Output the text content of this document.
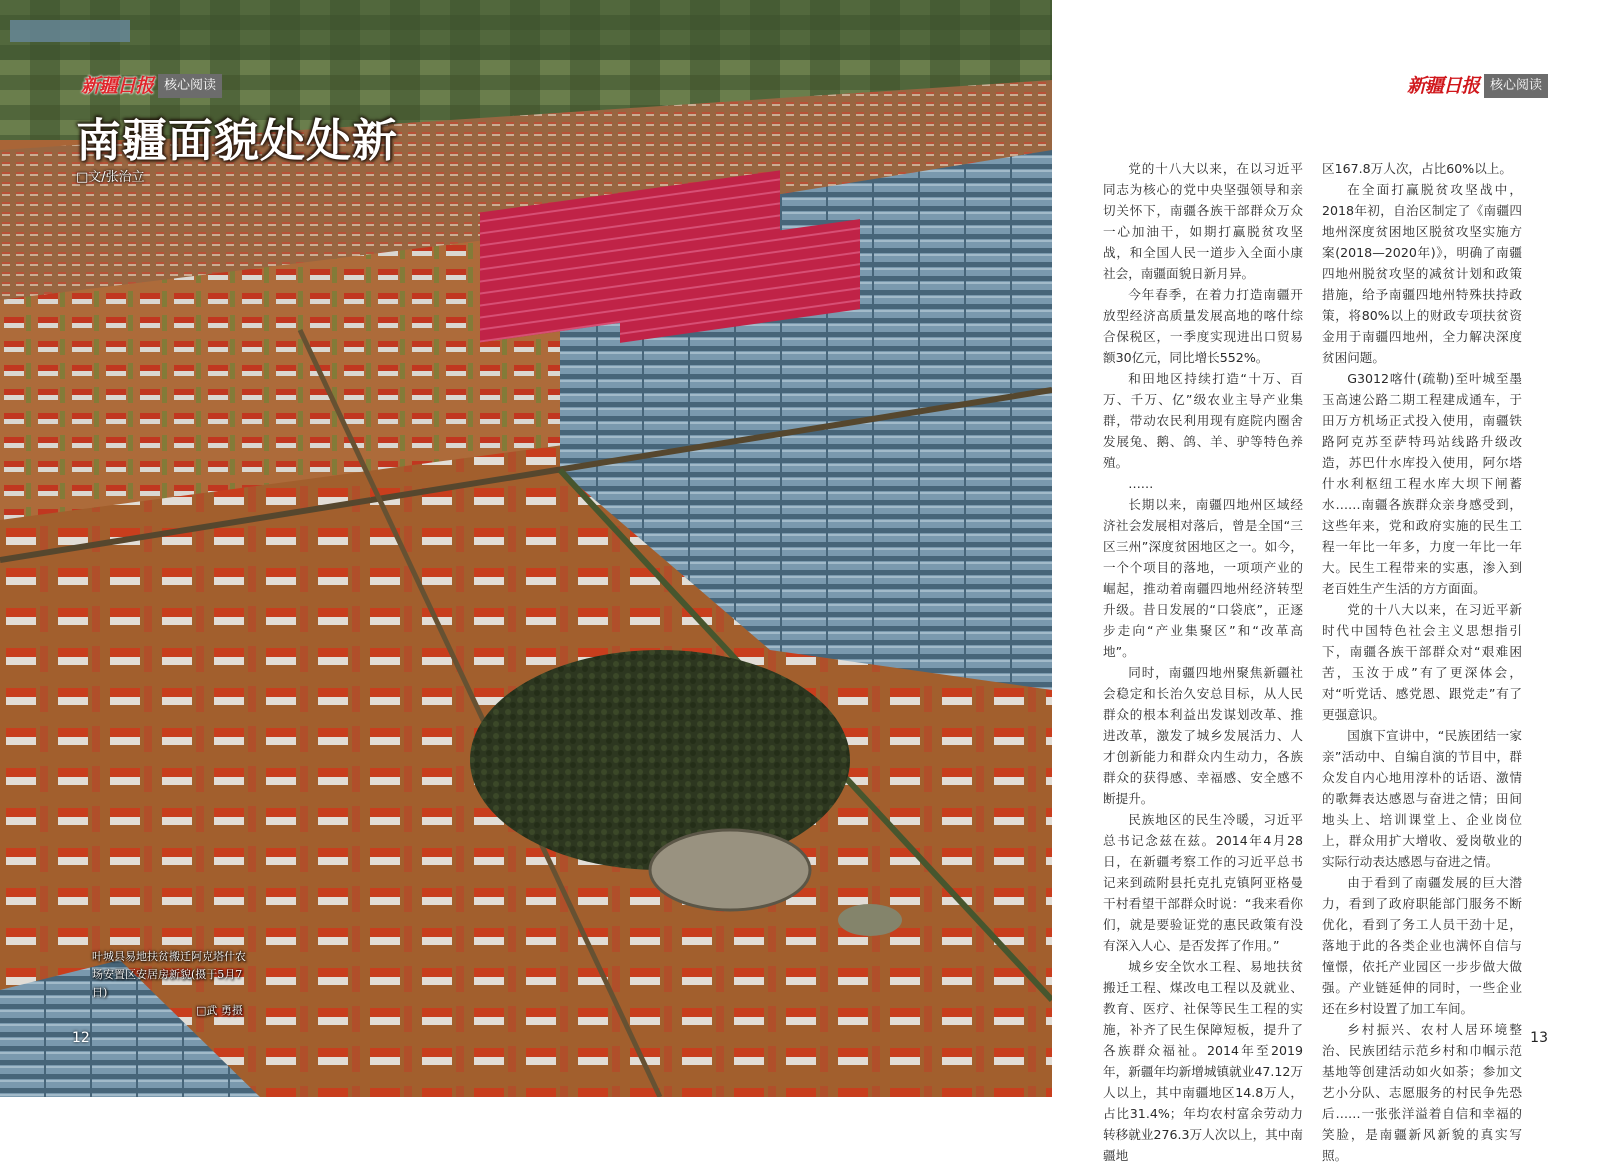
新疆日报 核心阅读
南疆面貌处处新
□文/张治立
叶城县易地扶贫搬迁阿克塔什农
场安置区安居房新貌(摄于5月7日)
□武 勇摄
12
新疆日报 核心阅读

党的十八大以来，在以习近平同志为核心的党中央坚强领导和亲切关怀下，南疆各族干部群众万众一心加油干，如期打赢脱贫攻坚战，和全国人民一道步入全面小康社会，南疆面貌日新月异。

今年春季，在着力打造南疆开放型经济高质量发展高地的喀什综合保税区，一季度实现进出口贸易额30亿元，同比增长552%。

和田地区持续打造“十万、百万、千万、亿”级农业主导产业集群，带动农民利用现有庭院内圈舍发展兔、鹅、鸽、羊、驴等特色养殖。

……

长期以来，南疆四地州区域经济社会发展相对落后，曾是全国“三区三州”深度贫困地区之一。如今，一个个项目的落地，一项项产业的崛起，推动着南疆四地州经济转型升级。昔日发展的“口袋底”，正逐步走向“产业集聚区”和“改革高地”。

同时，南疆四地州聚焦新疆社会稳定和长治久安总目标，从人民群众的根本利益出发谋划改革、推进改革，激发了城乡发展活力、人才创新能力和群众内生动力，各族群众的获得感、幸福感、安全感不断提升。

民族地区的民生冷暖，习近平总书记念兹在兹。2014年4月28日，在新疆考察工作的习近平总书记来到疏附县托克扎克镇阿亚格曼干村看望干部群众时说：“我来看你们，就是要验证党的惠民政策有没有深入人心、是否发挥了作用。”

城乡安全饮水工程、易地扶贫搬迁工程、煤改电工程以及就业、教育、医疗、社保等民生工程的实施，补齐了民生保障短板，提升了各族群众福祉。2014年至2019年，新疆年均新增城镇就业47.12万人以上，其中南疆地区14.8万人，占比31.4%；年均农村富余劳动力转移就业276.3万人次以上，其中南疆地

区167.8万人次，占比60%以上。

在全面打赢脱贫攻坚战中，2018年初，自治区制定了《南疆四地州深度贫困地区脱贫攻坚实施方案(2018—2020年)》，明确了南疆四地州脱贫攻坚的减贫计划和政策措施，给予南疆四地州特殊扶持政策，将80%以上的财政专项扶贫资金用于南疆四地州，全力解决深度贫困问题。

G3012喀什(疏勒)至叶城至墨玉高速公路二期工程建成通车，于田万方机场正式投入使用，南疆铁路阿克苏至萨特玛站线路升级改造，苏巴什水库投入使用，阿尔塔什水利枢纽工程水库大坝下闸蓄水……南疆各族群众亲身感受到，这些年来，党和政府实施的民生工程一年比一年多，力度一年比一年大。民生工程带来的实惠，渗入到老百姓生产生活的方方面面。

党的十八大以来，在习近平新时代中国特色社会主义思想指引下，南疆各族干部群众对“艰难困苦，玉汝于成”有了更深体会，对“听党话、感党恩、跟党走”有了更强意识。

国旗下宣讲中，“民族团结一家亲”活动中、自编自演的节目中，群众发自内心地用淳朴的话语、激情的歌舞表达感恩与奋进之情；田间地头上、培训课堂上、企业岗位上，群众用扩大增收、爱岗敬业的实际行动表达感恩与奋进之情。

由于看到了南疆发展的巨大潜力，看到了政府职能部门服务不断优化，看到了务工人员干劲十足，落地于此的各类企业也满怀自信与憧憬，依托产业园区一步步做大做强。产业链延伸的同时，一些企业还在乡村设置了加工车间。

乡村振兴、农村人居环境整治、民族团结示范乡村和巾帼示范基地等创建活动如火如荼；参加文艺小分队、志愿服务的村民争先恐后……一张张洋溢着自信和幸福的笑脸，是南疆新风新貌的真实写照。

13
